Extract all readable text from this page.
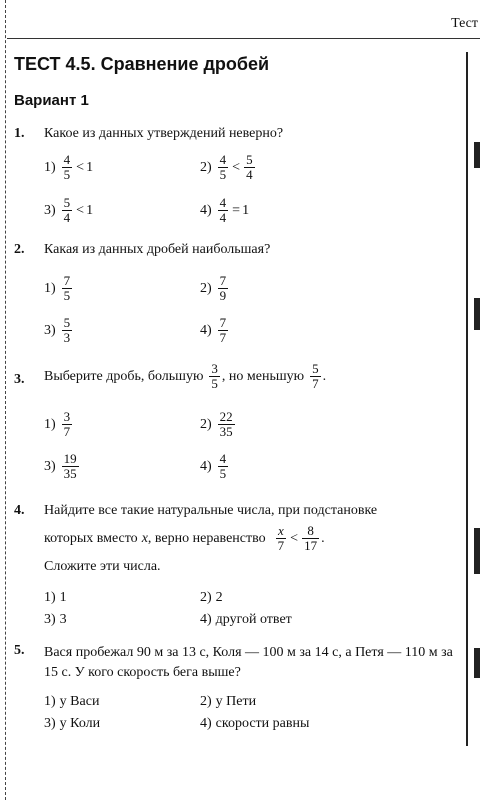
Тест
ТЕСТ 4.5. Сравнение дробей
Вариант 1
1. Какое из данных утверждений неверно?
$1) \frac{4}{5} < 1$	$2) \frac{4}{5} < \frac{5}{4}$
$3) \frac{5}{4} < 1$	$4) \frac{4}{4} = 1$
2. Какая из данных дробей наибольшая?
$1) \frac{7}{5}$	$2) \frac{7}{9}$
$3) \frac{5}{3}$	$4) \frac{7}{7}$
3. Выберите дробь, большую $\frac{3}{5}$ , но меньшую $\frac{5}{7}$ .
$1) \frac{3}{7}$	$2) \frac{22}{35}$
$3) \frac{19}{35}$	$4) \frac{4}{5}$
4. Найдите все такие натуральные числа, при подстановке
которых вместо x , верно неравенство $\frac{x}{7} < \frac{8}{17}$ .
Сложите эти числа.
1) 1	2) 2
3) 3	4) другой ответ
5. Вася пробежал 90 м за 13 с, Коля — 100 м за 14 с, а Петя — 110 м за 15 с. У кого скорость бега выше?
1) у Васи	2) у Пети
3) у Коли	4) скорости равны
